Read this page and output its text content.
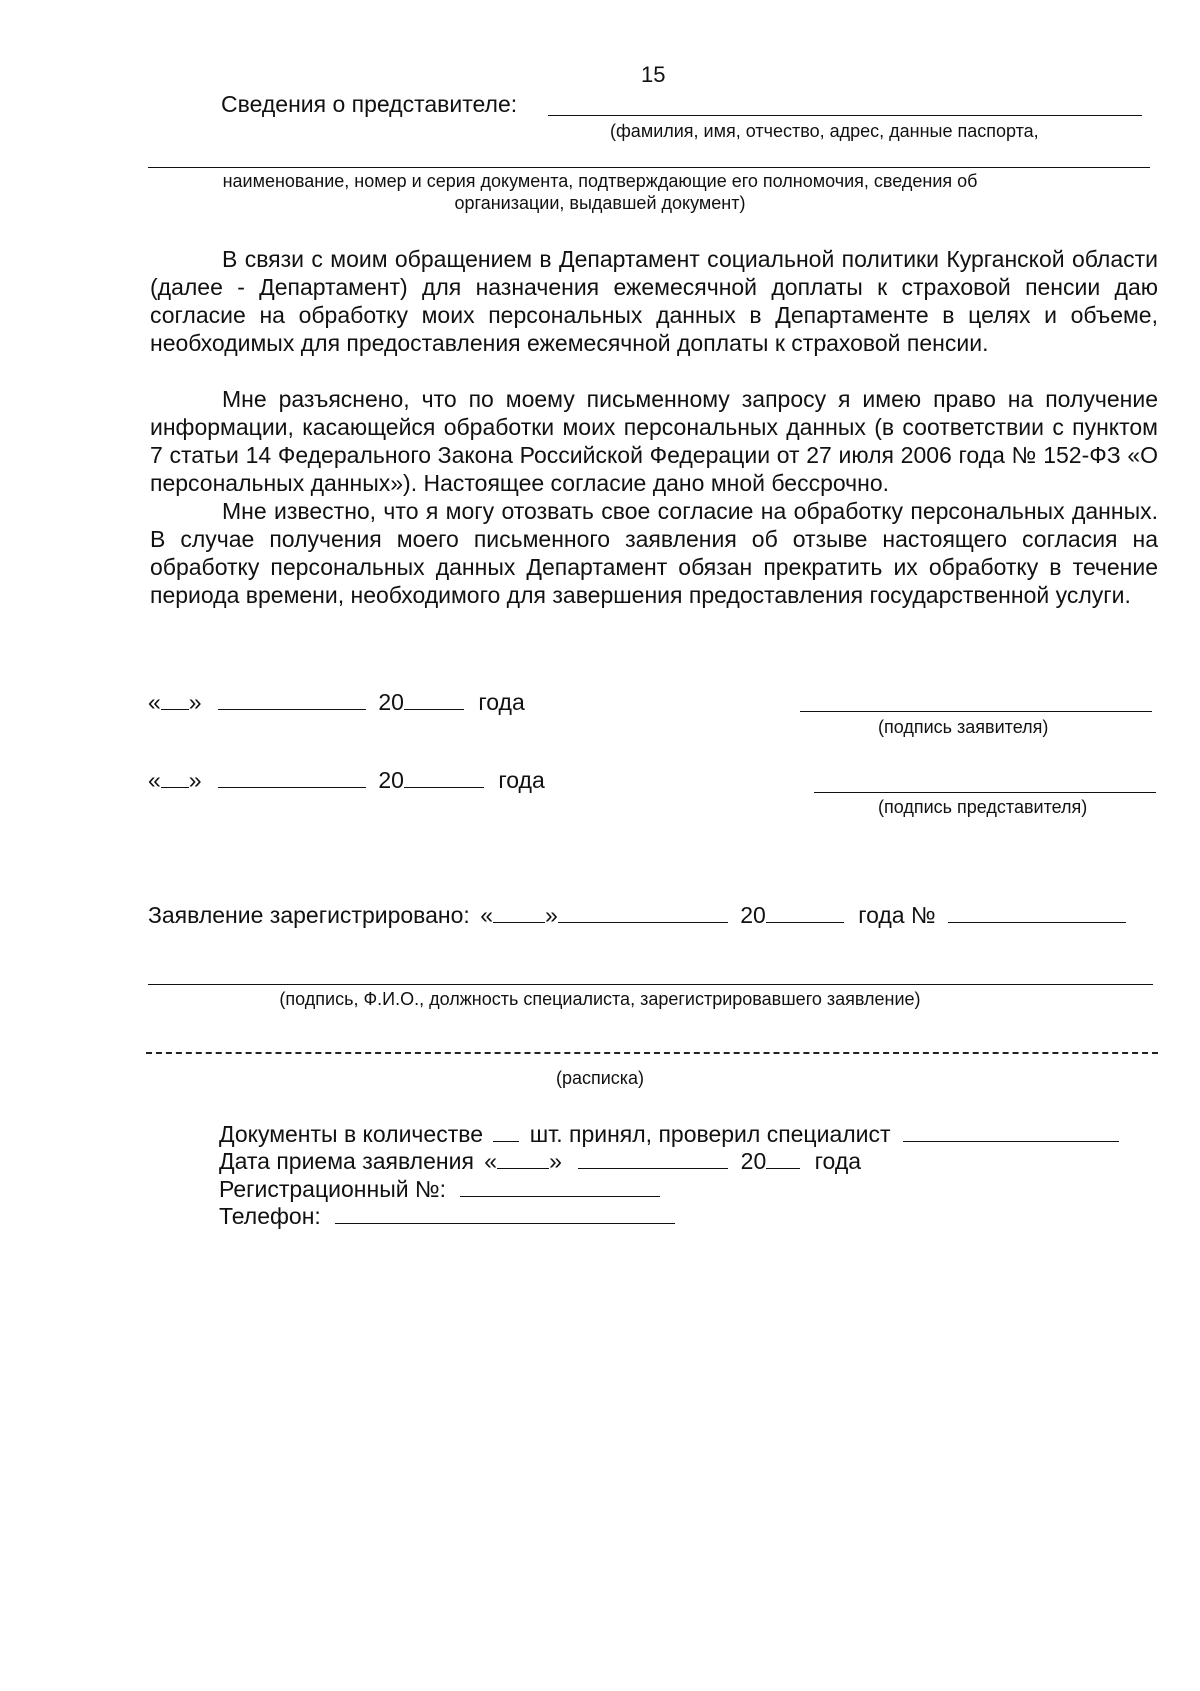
15
Сведения о представителе:
(фамилия, имя, отчество, адрес, данные паспорта,
наименование, номер и серия документа, подтверждающие его полномочия, сведения об
организации, выдавшей документ)
В связи с моим обращением в Департамент социальной политики Курганской области (далее - Департамент) для назначения ежемесячной доплаты к страховой пенсии даю согласие на обработку моих персональных данных в Департаменте в целях и объеме, необходимых для предоставления ежемесячной доплаты к страховой пенсии.
Мне разъяснено, что по моему письменному запросу я имею право на получение информации, касающейся обработки моих персональных данных (в соответствии с пунктом 7 статьи 14 Федерального Закона Российской Федерации от 27 июля 2006 года № 152-ФЗ «О персональных данных»). Настоящее согласие дано мной бессрочно.
Мне известно, что я могу отозвать свое согласие на обработку персональных данных. В случае получения моего письменного заявления об отзыве настоящего согласия на обработку персональных данных Департамент обязан прекратить их обработку в течение периода времени, необходимого для завершения предоставления государственной услуги.
« »	20	года
(подпись заявителя)
« »	20	года
(подпись представителя)
Заявление зарегистрировано: « »	20	года №
(подпись, Ф.И.О., должность специалиста, зарегистрировавшего заявление)
(расписка)
Документы в количестве шт. принял, проверил специалист
Дата приема заявления « »	20 года
Регистрационный №:
Телефон:
